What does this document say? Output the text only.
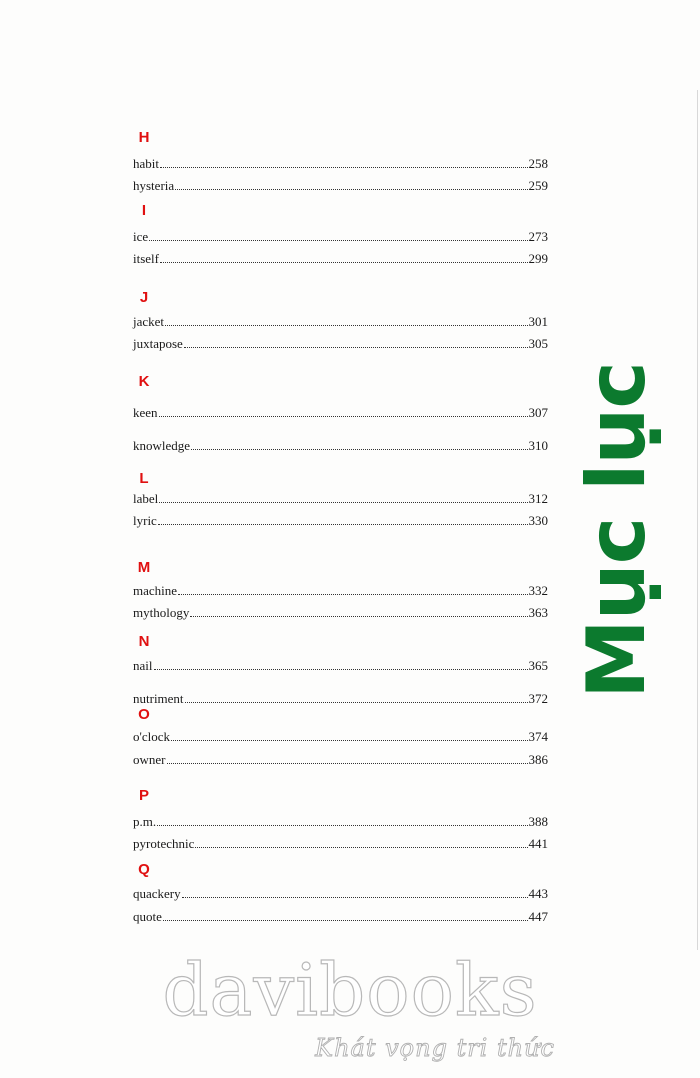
H
habit	258
hysteria	259
I
ice	273
itself	299
J
jacket	301
juxtapose	305
K
keen	307
knowledge	310
L
label	312
lyric	330
M
machine	332
mythology	363
N
nail	365
nutriment	372
O
o'clock	374
owner	386
P
p.m.	388
pyrotechnic	441
Q
quackery	443
quote	447
Mục lục
davibooks
Khát vọng tri thức
